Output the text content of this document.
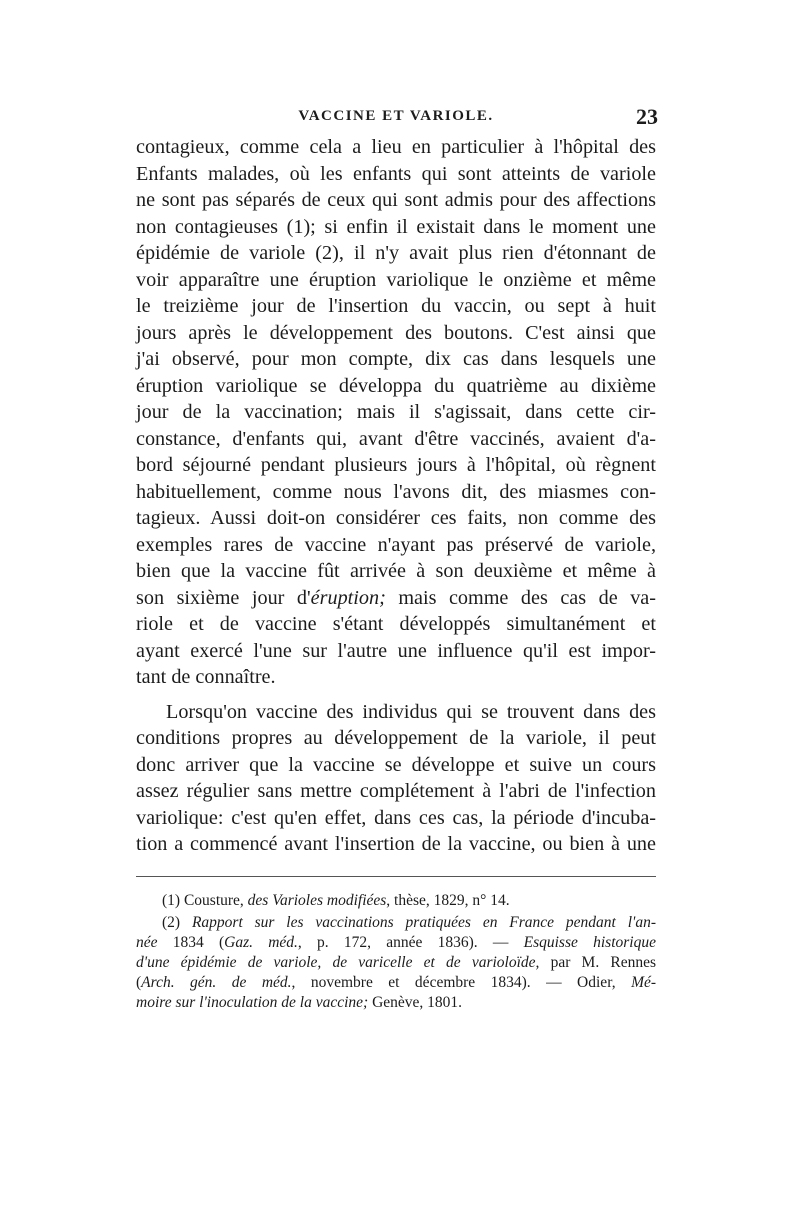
VACCINE ET VARIOLE.	23

contagieux, comme cela a lieu en particulier à l'hôpital des
Enfants malades, où les enfants qui sont atteints de variole
ne sont pas séparés de ceux qui sont admis pour des affections
non contagieuses (1); si enfin il existait dans le moment une
épidémie de variole (2), il n'y avait plus rien d'étonnant de
voir apparaître une éruption variolique le onzième et même
le treizième jour de l'insertion du vaccin, ou sept à huit
jours après le développement des boutons. C'est ainsi que
j'ai observé, pour mon compte, dix cas dans lesquels une
éruption variolique se développa du quatrième au dixième
jour de la vaccination; mais il s'agissait, dans cette cir-
constance, d'enfants qui, avant d'être vaccinés, avaient d'a-
bord séjourné pendant plusieurs jours à l'hôpital, où règnent
habituellement, comme nous l'avons dit, des miasmes con-
tagieux. Aussi doit-on considérer ces faits, non comme des
exemples rares de vaccine n'ayant pas préservé de variole,
bien que la vaccine fût arrivée à son deuxième et même à
son sixième jour d'éruption; mais comme des cas de va-
riole et de vaccine s'étant développés simultanément et
ayant exercé l'une sur l'autre une influence qu'il est impor-
tant de connaître.

Lorsqu'on vaccine des individus qui se trouvent dans des
conditions propres au développement de la variole, il peut
donc arriver que la vaccine se développe et suive un cours
assez régulier sans mettre complétement à l'abri de l'infection
variolique: c'est qu'en effet, dans ces cas, la période d'incuba-
tion a commencé avant l'insertion de la vaccine, ou bien à une

(1) Cousture, des Varioles modifiées, thèse, 1829, n° 14.
(2) Rapport sur les vaccinations pratiquées en France pendant l'an-
née 1834 (Gaz. méd., p. 172, année 1836). — Esquisse historique
d'une épidémie de variole, de varicelle et de varioloïde, par M. Rennes
(Arch. gén. de méd., novembre et décembre 1834). — Odier, Mé-
moire sur l'inoculation de la vaccine; Genève, 1801.
